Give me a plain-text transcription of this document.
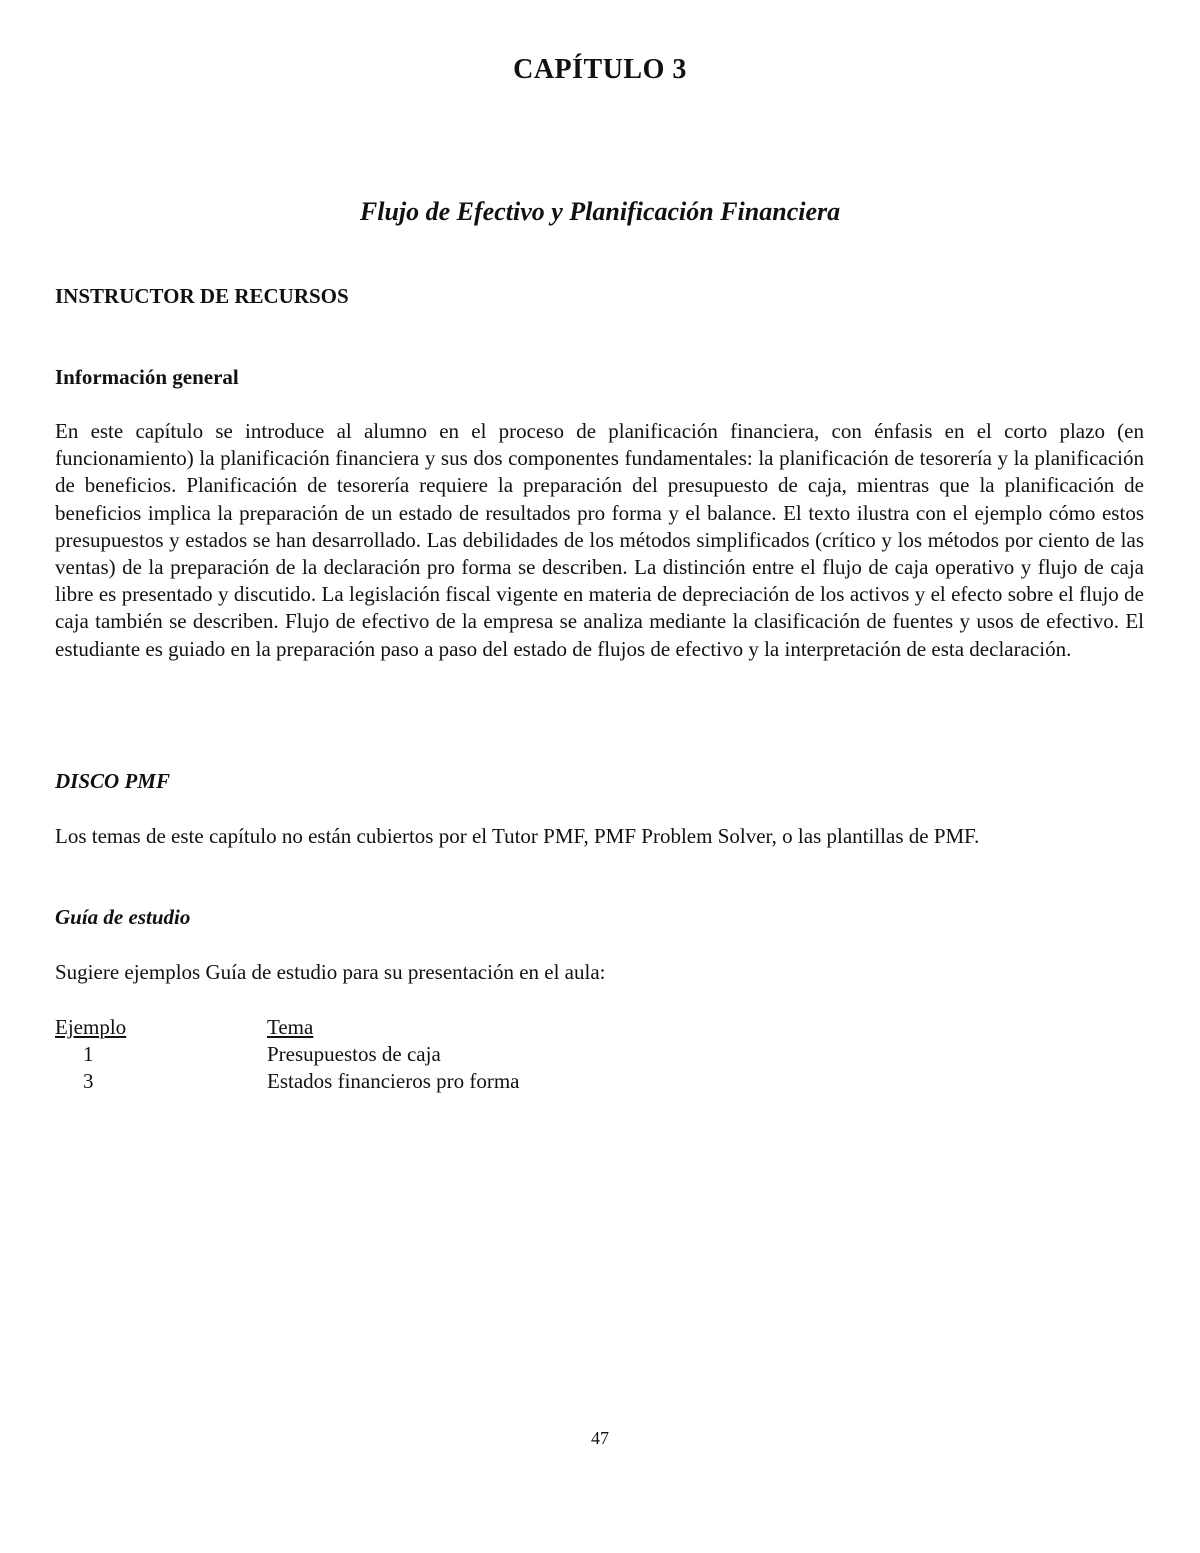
CAPÍTULO 3
Flujo de Efectivo y Planificación Financiera
INSTRUCTOR DE RECURSOS
Información general

En este capítulo se introduce al alumno en el proceso de planificación financiera, con énfasis en el corto plazo (en funcionamiento) la planificación financiera y sus dos componentes fundamentales: la planificación de tesorería y la planificación de beneficios. Planificación de tesorería requiere la preparación del presupuesto de caja, mientras que la planificación de beneficios implica la preparación de un estado de resultados pro forma y el balance. El texto ilustra con el ejemplo cómo estos presupuestos y estados se han desarrollado. Las debilidades de los métodos simplificados (crítico y los métodos por ciento de las ventas) de la preparación de la declaración pro forma se describen. La distinción entre el flujo de caja operativo y flujo de caja libre es presentado y discutido. La legislación fiscal vigente en materia de depreciación de los activos y el efecto sobre el flujo de caja también se describen. Flujo de efectivo de la empresa se analiza mediante la clasificación de fuentes y usos de efectivo. El estudiante es guiado en la preparación paso a paso del estado de flujos de efectivo y la interpretación de esta declaración.

DISCO PMF

Los temas de este capítulo no están cubiertos por el Tutor PMF, PMF Problem Solver, o las plantillas de PMF.

Guía de estudio

Sugiere ejemplos Guía de estudio para su presentación en el aula:

Ejemplo	Tema
1	Presupuestos de caja
3	Estados financieros pro forma

47
